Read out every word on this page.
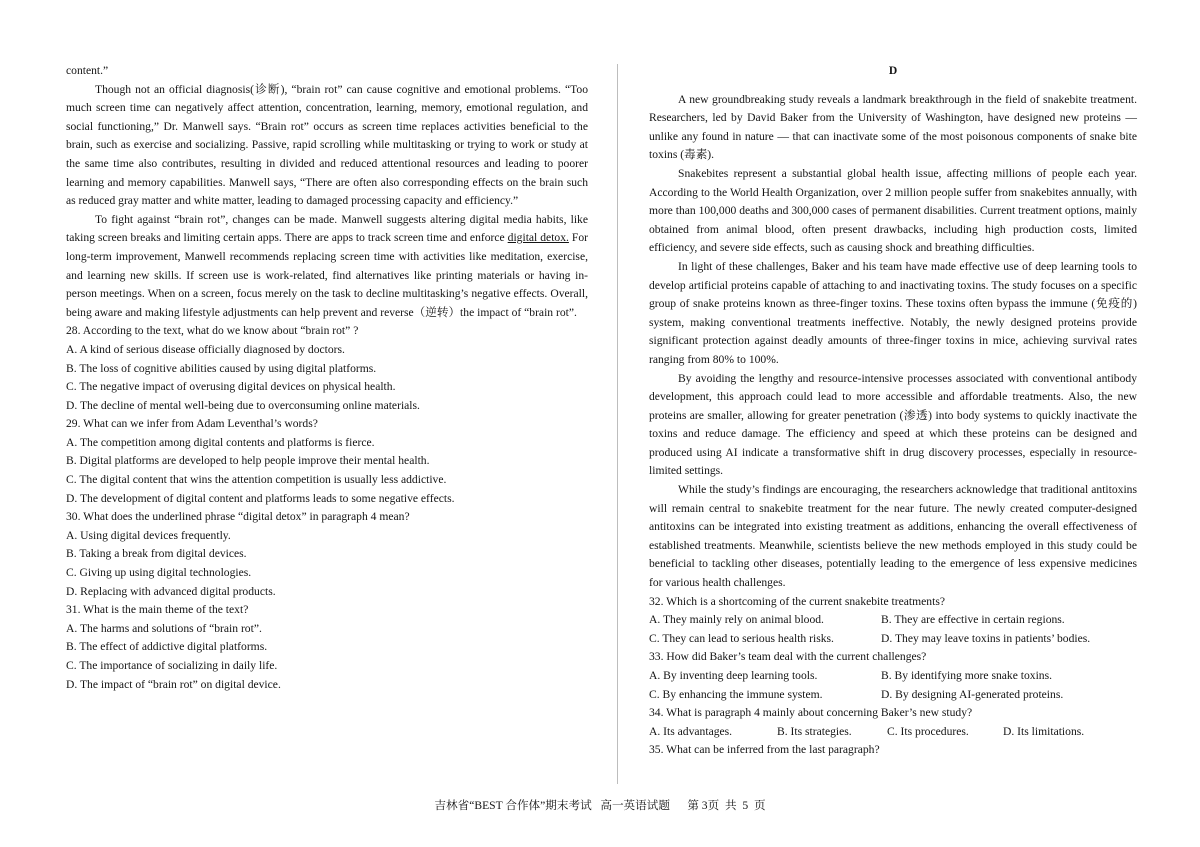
content.”

Though not an official diagnosis(诊断), “brain rot” can cause cognitive and emotional problems. “Too much screen time can negatively affect attention, concentration, learning, memory, emotional regulation, and social functioning,” Dr. Manwell says. “Brain rot” occurs as screen time replaces activities beneficial to the brain, such as exercise and socializing. Passive, rapid scrolling while multitasking or trying to work or study at the same time also contributes, resulting in divided and reduced attentional resources and leading to poorer learning and memory capabilities. Manwell says, “There are often also corresponding effects on the brain such as reduced gray matter and white matter, leading to damaged processing capacity and efficiency.”

To fight against “brain rot”, changes can be made. Manwell suggests altering digital media habits, like taking screen breaks and limiting certain apps. There are apps to track screen time and enforce digital detox. For long-term improvement, Manwell recommends replacing screen time with activities like meditation, exercise, and learning new skills. If screen use is work-related, find alternatives like printing materials or having in-person meetings. When on a screen, focus merely on the task to decline multitasking’s negative effects. Overall, being aware and making lifestyle adjustments can help prevent and reverse（逆转）the impact of “brain rot”.

28. According to the text, what do we know about “brain rot” ?

A. A kind of serious disease officially diagnosed by doctors.

B. The loss of cognitive abilities caused by using digital platforms.

C. The negative impact of overusing digital devices on physical health.

D. The decline of mental well-being due to overconsuming online materials.

29. What can we infer from Adam Leventhal’s words?

A. The competition among digital contents and platforms is fierce.

B. Digital platforms are developed to help people improve their mental health.

C. The digital content that wins the attention competition is usually less addictive.

D. The development of digital content and platforms leads to some negative effects.

30. What does the underlined phrase “digital detox” in paragraph 4 mean?

A. Using digital devices frequently.

B. Taking a break from digital devices.

C. Giving up using digital technologies.

D. Replacing with advanced digital products.

31. What is the main theme of the text?

A. The harms and solutions of “brain rot”.

B. The effect of addictive digital platforms.

C. The importance of socializing in daily life.

D. The impact of “brain rot” on digital device.

D

A new groundbreaking study reveals a landmark breakthrough in the field of snakebite treatment. Researchers, led by David Baker from the University of Washington, have designed new proteins — unlike any found in nature — that can inactivate some of the most poisonous components of snake bite toxins (毒素).

Snakebites represent a substantial global health issue, affecting millions of people each year. According to the World Health Organization, over 2 million people suffer from snakebites annually, with more than 100,000 deaths and 300,000 cases of permanent disabilities. Current treatment options, mainly obtained from animal blood, often present drawbacks, including high production costs, limited efficiency, and severe side effects, such as causing shock and breathing difficulties.

In light of these challenges, Baker and his team have made effective use of deep learning tools to develop artificial proteins capable of attaching to and inactivating toxins. The study focuses on a specific group of snake proteins known as three-finger toxins. These toxins often bypass the immune (免疫的) system, making conventional treatments ineffective. Notably, the newly designed proteins provide significant protection against deadly amounts of three-finger toxins in mice, achieving survival rates ranging from 80% to 100%.

By avoiding the lengthy and resource-intensive processes associated with conventional antibody development, this approach could lead to more accessible and affordable treatments. Also, the new proteins are smaller, allowing for greater penetration (渗透) into body systems to quickly inactivate the toxins and reduce damage. The efficiency and speed at which these proteins can be designed and produced using AI indicate a transformative shift in drug discovery processes, especially in resource-limited settings.

While the study’s findings are encouraging, the researchers acknowledge that traditional antitoxins will remain central to snakebite treatment for the near future. The newly created computer-designed antitoxins can be integrated into existing treatment as additions, enhancing the overall effectiveness of established treatments. Meanwhile, scientists believe the new methods employed in this study could be beneficial to tackling other diseases, potentially leading to the emergence of less expensive medicines for various health challenges.

32. Which is a shortcoming of the current snakebite treatments?

A. They mainly rely on animal blood.	B. They are effective in certain regions.
C. They can lead to serious health risks.	D. They may leave toxins in patients’ bodies.

33. How did Baker’s team deal with the current challenges?

A. By inventing deep learning tools.	B. By identifying more snake toxins.
C. By enhancing the immune system.	D. By designing AI-generated proteins.

34. What is paragraph 4 mainly about concerning Baker’s new study?

A. Its advantages.	B. Its strategies.	C. Its procedures.	D. Its limitations.

35. What can be inferred from the last paragraph?

吉林省“BEST 合作体”期末考试   高一英语试题      第 3页  共  5  页
